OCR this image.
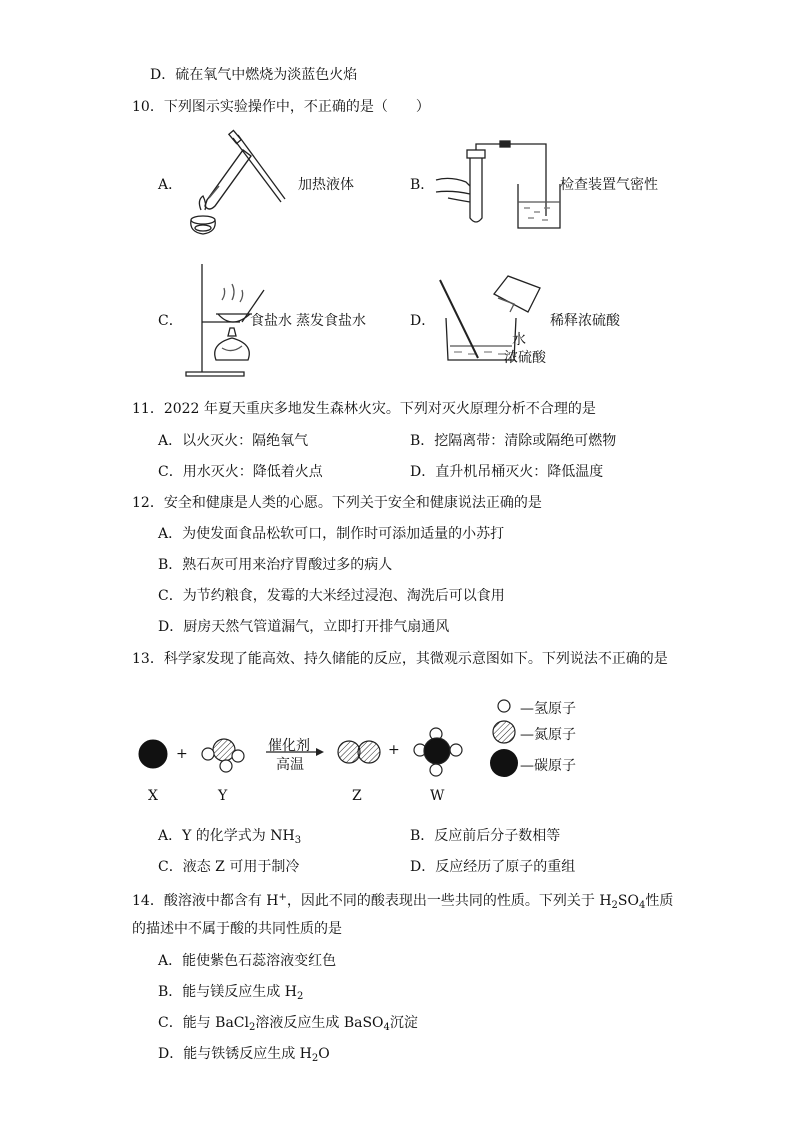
D．硫在氧气中燃烧为淡蓝色火焰
10．下列图示实验操作中，不正确的是（　　）
A．	加热液体	B．	检查装置气密性
C．	食盐水 蒸发食盐水	D．	稀释浓硫酸
水
浓硫酸
11．2022 年夏天重庆多地发生森林火灾。下列对灭火原理分析不合理的是
A．以火灭火：隔绝氧气	B．挖隔离带：清除或隔绝可燃物
C．用水灭火：降低着火点	D．直升机吊桶灭火：降低温度
12．安全和健康是人类的心愿。下列关于安全和健康说法正确的是
A．为使发面食品松软可口，制作时可添加适量的小苏打
B．熟石灰可用来治疗胃酸过多的病人
C．为节约粮食，发霉的大米经过浸泡、淘洗后可以食用
D．厨房天然气管道漏气，立即打开排气扇通风
13．科学家发现了能高效、持久储能的反应，其微观示意图如下。下列说法不正确的是
+	+
催化剂
高温
—氢原子
—氮原子
—碳原子
X	Y	Z	W
A．Y 的化学式为 $NH_3$	B．反应前后分子数相等
C．液态 Z 可用于制冷	D．反应经历了原子的重组
14．酸溶液中都含有 H+，因此不同的酸表现出一些共同的性质。下列关于 $H_2SO_4$性质
的描述中不属于酸的共同性质的是
A．能使紫色石蕊溶液变红色
B．能与镁反应生成 $H_2$
C．能与 BaCl$_2$溶液反应生成 BaSO$_4$沉淀
D．能与铁锈反应生成 $H_2O$
